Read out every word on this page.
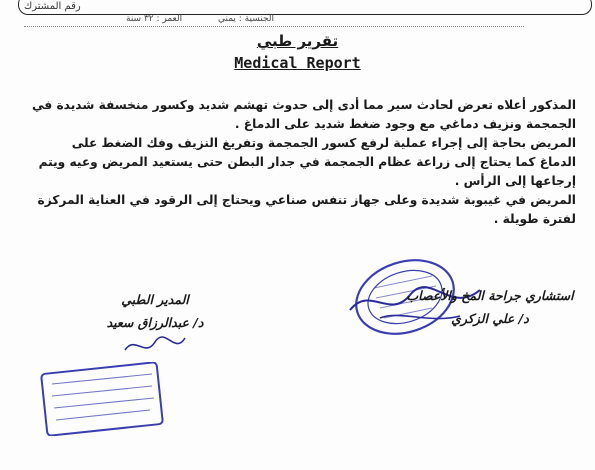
رقم المشترك
الجنسية : يمني
العمر : ٣٢ سنة
تقرير طبي
Medical Report

المذكور أعلاه تعرض لحادث سير مما أدى إلى حدوث تهشم شديد وكسور منخسفة شديدة في

الجمجمة ونزيف دماغي مع وجود ضغط شديد على الدماغ .

المريض بحاجة إلى إجراء عملية لرفع كسور الجمجمة وتفريغ النزيف وفك الضغط على

الدماغ كما يحتاج إلى زراعة عظام الجمجمة في جدار البطن حتى يستعيد المريض وعيه ويتم

إرجاعها إلى الرأس .

المريض في غيبوبة شديدة وعلى جهاز تنفس صناعي ويحتاج إلى الرقود في العناية المركزة

لفترة طويلة .

استشاري جراحة المخ والأعصاب
د/ علي الزكري
المدير الطبي
د/ عبدالرزاق سعيد
